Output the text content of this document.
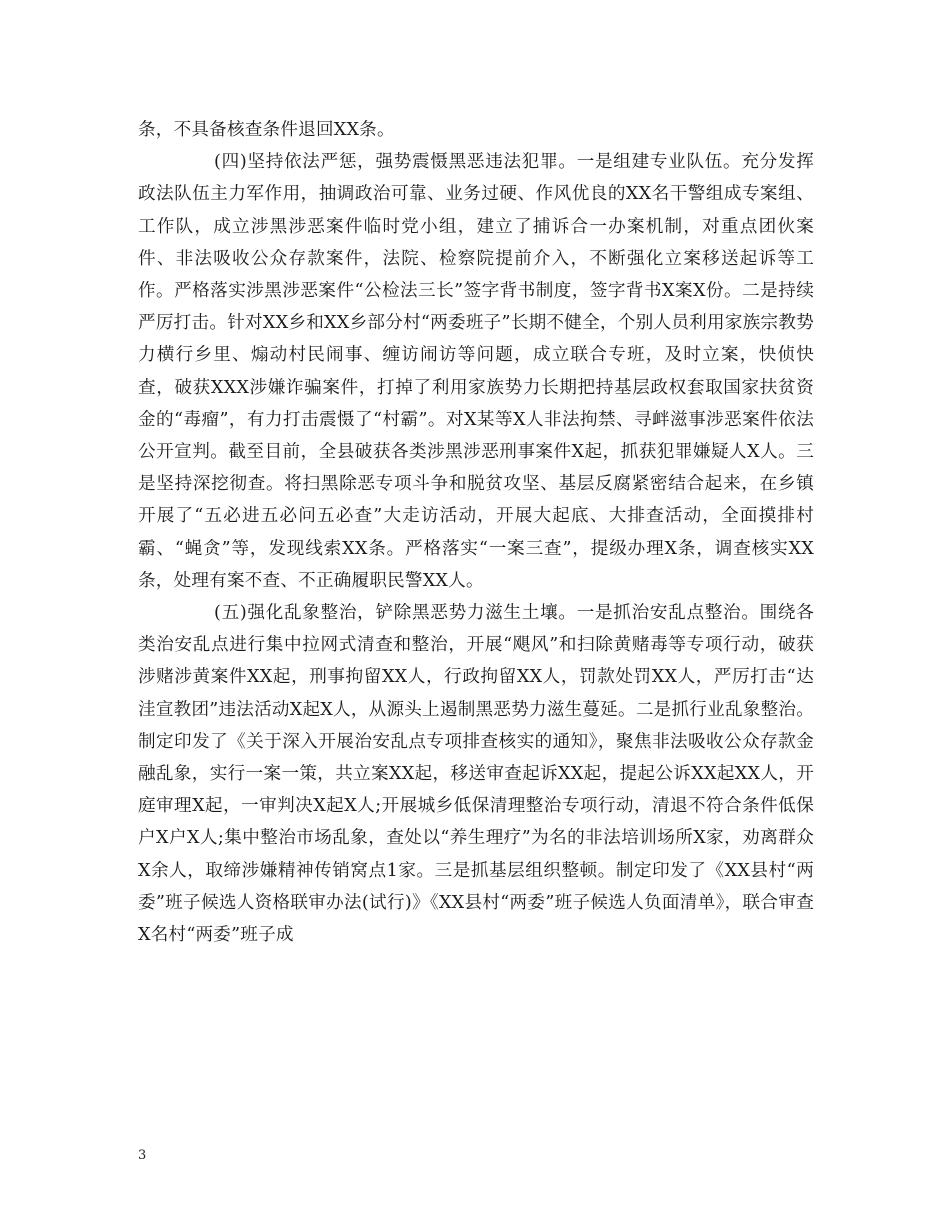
条，不具备核查条件退回XX条。

(四)坚持依法严惩，强势震慑黑恶违法犯罪。一是组建专业队伍。充分发挥政法队伍主力军作用，抽调政治可靠、业务过硬、作风优良的XX名干警组成专案组、工作队，成立涉黑涉恶案件临时党小组，建立了捕诉合一办案机制，对重点团伙案件、非法吸收公众存款案件，法院、检察院提前介入，不断强化立案移送起诉等工作。严格落实涉黑涉恶案件“公检法三长”签字背书制度，签字背书X案X份。二是持续严厉打击。针对XX乡和XX乡部分村“两委班子”长期不健全，个别人员利用家族宗教势力横行乡里、煽动村民闹事、缠访闹访等问题，成立联合专班，及时立案，快侦快查，破获XXX涉嫌诈骗案件，打掉了利用家族势力长期把持基层政权套取国家扶贫资金的“毒瘤”，有力打击震慑了“村霸”。对X某等X人非法拘禁、寻衅滋事涉恶案件依法公开宣判。截至目前，全县破获各类涉黑涉恶刑事案件X起，抓获犯罪嫌疑人X人。三是坚持深挖彻查。将扫黑除恶专项斗争和脱贫攻坚、基层反腐紧密结合起来，在乡镇开展了“五必进五必问五必查”大走访活动，开展大起底、大排查活动，全面摸排村霸、“蝇贪”等，发现线索XX条。严格落实“一案三查”，提级办理X条，调查核实XX条，处理有案不查、不正确履职民警XX人。

(五)强化乱象整治，铲除黑恶势力滋生土壤。一是抓治安乱点整治。围绕各类治安乱点进行集中拉网式清查和整治，开展“飓风”和扫除黄赌毒等专项行动，破获涉赌涉黄案件XX起，刑事拘留XX人，行政拘留XX人，罚款处罚XX人，严厉打击“达洼宣教团”违法活动X起X人，从源头上遏制黑恶势力滋生蔓延。二是抓行业乱象整治。制定印发了《关于深入开展治安乱点专项排查核实的通知》，聚焦非法吸收公众存款金融乱象，实行一案一策，共立案XX起，移送审查起诉XX起，提起公诉XX起XX人，开庭审理X起，一审判决X起X人;开展城乡低保清理整治专项行动，清退不符合条件低保户X户X人;集中整治市场乱象，查处以“养生理疗”为名的非法培训场所X家，劝离群众X余人，取缔涉嫌精神传销窝点1家。三是抓基层组织整顿。制定印发了《XX县村“两委”班子候选人资格联审办法(试行)》《XX县村“两委”班子候选人负面清单》，联合审查X名村“两委”班子成

3
